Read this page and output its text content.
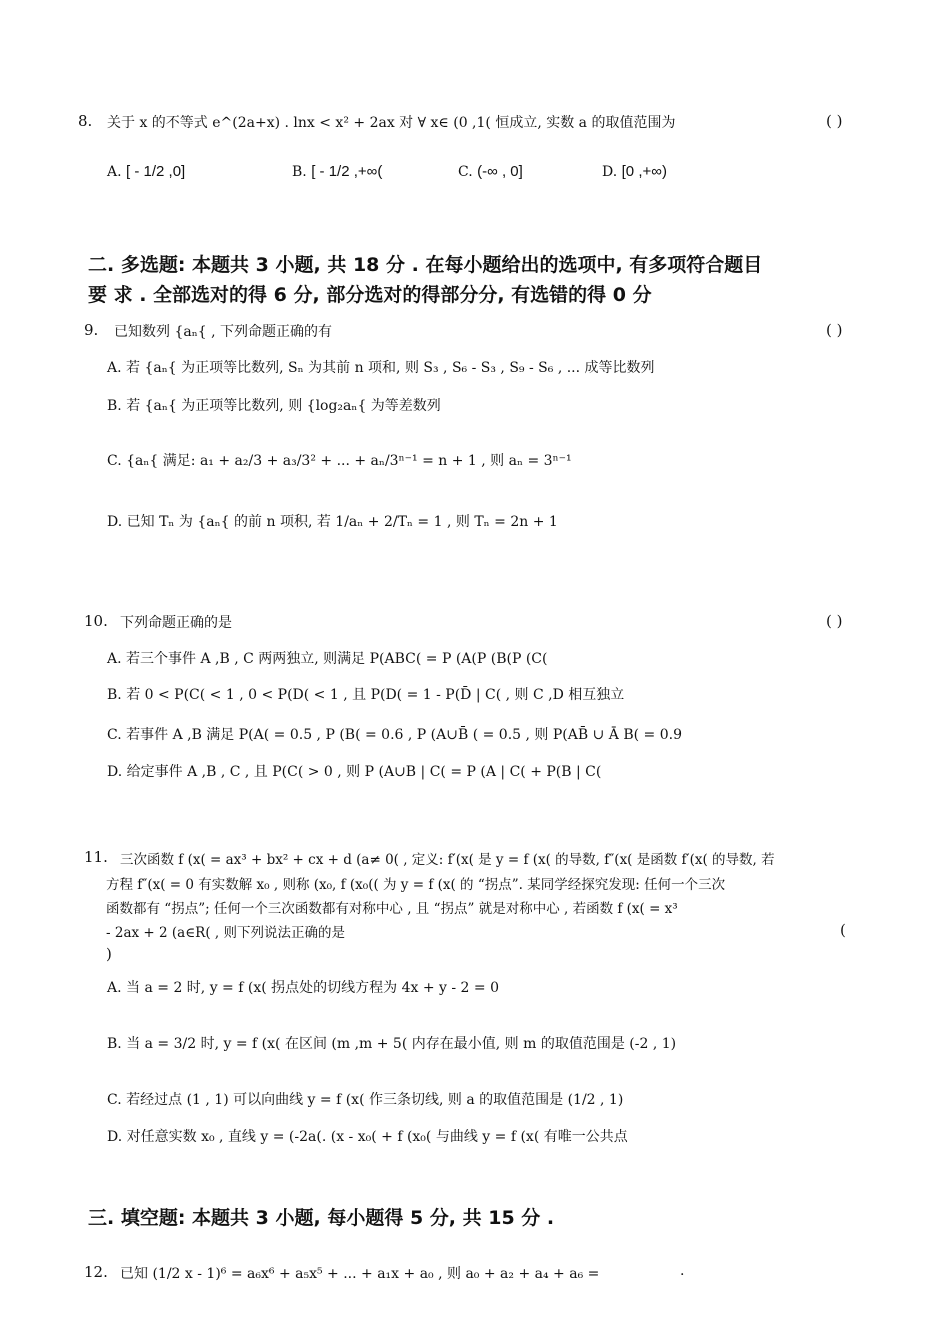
8. 关于 x 的不等式 e^(2a+x) . lnx < x² + 2ax 对 ∀ x∈ (0 ,1( 恒成立, 实数 a 的取值范围为	( )
A. [ - 1/2 ,0]	B. [ - 1/2 ,+∞(	C. (-∞ , 0]	D. [0 ,+∞)
二. 多选题: 本题共 3 小题, 共 18 分 . 在每小题给出的选项中, 有多项符合题目
要 求 . 全部选对的得 6 分, 部分选对的得部分分, 有选错的得 0 分
9. 已知数列 {aₙ{ , 下列命题正确的有	( )
A. 若 {aₙ{ 为正项等比数列, Sₙ 为其前 n 项和, 则 S₃ , S₆ - S₃ , S₉ - S₆ , ... 成等比数列
B. 若 {aₙ{ 为正项等比数列, 则 {log₂aₙ{ 为等差数列
C. {aₙ{ 满足: a₁ + a₂/3 + a₃/3² + ... + aₙ/3ⁿ⁻¹ = n + 1 , 则 aₙ = 3ⁿ⁻¹
D. 已知 Tₙ 为 {aₙ{ 的前 n 项积, 若 1/aₙ + 2/Tₙ = 1 , 则 Tₙ = 2n + 1
10. 下列命题正确的是	( )
A. 若三个事件 A ,B , C 两两独立, 则满足 P(ABC( = P (A(P (B(P (C(
B. 若 0 < P(C( < 1 , 0 < P(D( < 1 , 且 P(D( = 1 - P(D̄ | C( , 则 C ,D 相互独立
C. 若事件 A ,B 满足 P(A( = 0.5 , P (B( = 0.6 , P (A∪B̄ ( = 0.5 , 则 P(AB̄ ∪ Ā B( = 0.9
D. 给定事件 A ,B , C , 且 P(C( > 0 , 则 P (A∪B | C( = P (A | C( + P(B | C(
11. 三次函数 f (x( = ax³ + bx² + cx + d (a≠ 0( , 定义: f′(x( 是 y = f (x( 的导数, f″(x( 是函数 f′(x( 的导数, 若
方程 f″(x( = 0 有实数解 x₀ , 则称 (x₀, f (x₀(( 为 y = f (x( 的 “拐点”. 某同学经探究发现: 任何一个三次
函数都有 “拐点”; 任何一个三次函数都有对称中心 , 且 “拐点” 就是对称中心 , 若函数 f (x( = x³
- 2ax + 2 (a∈R( , 则下列说法正确的是	(
)
A. 当 a = 2 时, y = f (x( 拐点处的切线方程为 4x + y - 2 = 0
B. 当 a = 3/2 时, y = f (x( 在区间 (m ,m + 5( 内存在最小值, 则 m 的取值范围是 (-2 , 1)
C. 若经过点 (1 , 1) 可以向曲线 y = f (x( 作三条切线, 则 a 的取值范围是 (1/2 , 1)
D. 对任意实数 x₀ , 直线 y = (-2a(. (x - x₀( + f (x₀( 与曲线 y = f (x( 有唯一公共点
三. 填空题: 本题共 3 小题, 每小题得 5 分, 共 15 分 .
12. 已知 (1/2 x - 1)⁶ = a₆x⁶ + a₅x⁵ + ... + a₁x + a₀ , 则 a₀ + a₂ + a₄ + a₆ =	.
